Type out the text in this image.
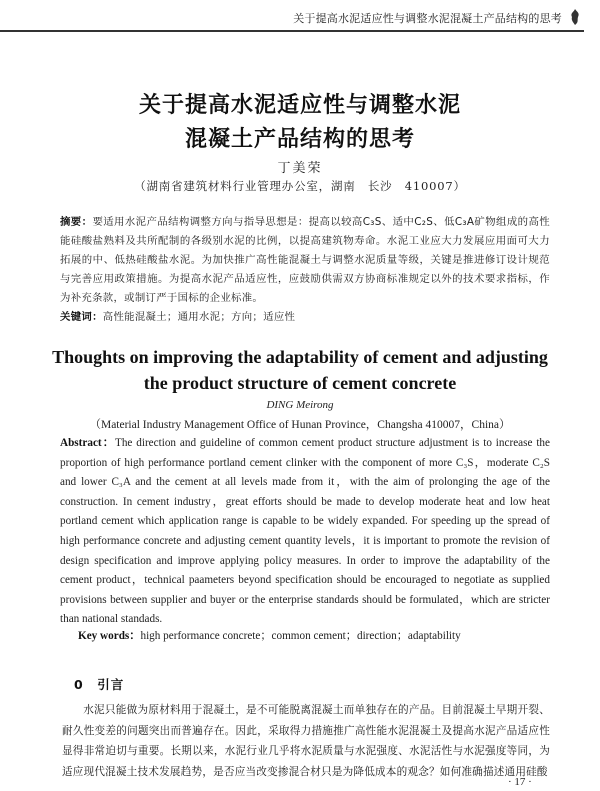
关于提高水泥适应性与调整水泥混凝土产品结构的思考
关于提高水泥适应性与调整水泥
混凝土产品结构的思考
丁美荣
（湖南省建筑材料行业管理办公室，湖南　长沙　410007）
摘要：要适用水泥产品结构调整方向与指导思想是：提高以较高C₃S、适中C₂S、低C₃A矿物组成的高性能硅酸盐熟料及共所配制的各级别水泥的比例，以提高建筑物寿命。水泥工业应大力发展应用面可大力拓展的中、低热硅酸盐水泥。为加快推广高性能混凝土与调整水泥质量等级，关键是推进修订设计规范与完善应用政策措施。为提高水泥产品适应性，应鼓励供需双方协商标准规定以外的技术要求指标，作为补充条款，或制订严于国标的企业标准。
关键词：高性能混凝土；通用水泥；方向；适应性
Thoughts on improving the adaptability of cement and adjusting
the product structure of cement concrete
DING Meirong
（Material Industry Management Office of Hunan Province，Changsha 410007，China）
Abstract：The direction and guideline of common cement product structure adjustment is to increase the proportion of high performance portland cement clinker with the component of more C₃S，moderate C₂S and lower C₃A and the cement at all levels made from it，with the aim of prolonging the age of the construction. In cement industry，great efforts should be made to develop moderate heat and low heat portland cement which application range is capable to be widely expanded. For speeding up the spread of high performance concrete and adjusting cement quantity levels，it is important to promote the revision of design specification and improve applying policy measures. In order to improve the adaptability of the cement product，technical paameters beyond specification should be encouraged to negotiate as supplied provisions between supplier and buyer or the enterprise standards should be formulated，which are stricter than national standads.
Key words：high performance concrete；common cement；direction；adaptability
0　引言
水泥只能做为原材料用于混凝土，是不可能脱离混凝土而单独存在的产品。目前混凝土早期开裂、耐久性变差的问题突出而普遍存在。因此，采取得力措施推广高性能水泥混凝土及提高水泥产品适应性显得非常迫切与重要。长期以来，水泥行业几乎将水泥质量与水泥强度、水泥活性与水泥强度等同，为适应现代混凝土技术发展趋势，是否应当改变掺混合材只是为降低成本的观念？如何准确描述通用硅酸
· 17 ·
